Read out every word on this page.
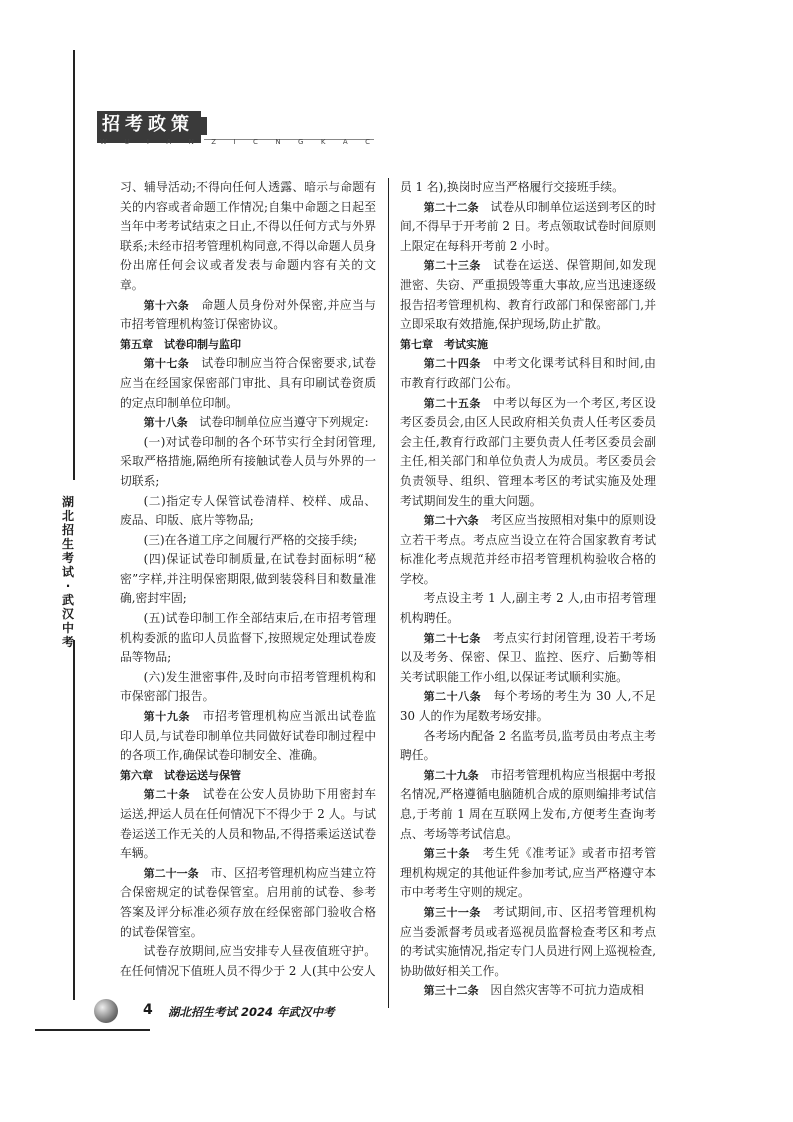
招考政策
W U I A N Z I C N G K A C
湖
北
招
生
考
试
·
武
汉
中
考

习、辅导活动;不得向任何人透露、暗示与命题有关的内容或者命题工作情况;自集中命题之日起至当年中考考试结束之日止,不得以任何方式与外界联系;未经市招考管理机构同意,不得以命题人员身份出席任何会议或者发表与命题内容有关的文章。

第十六条　 命题人员身份对外保密,并应当与市招考管理机构签订保密协议。

第五章　试卷印制与监印

第十七条　 试卷印制应当符合保密要求,试卷应当在经国家保密部门审批、具有印刷试卷资质的定点印制单位印制。

第十八条　 试卷印制单位应当遵守下列规定:

(一)对试卷印制的各个环节实行全封闭管理,采取严格措施,隔绝所有接触试卷人员与外界的一切联系;

(二)指定专人保管试卷清样、校样、成品、废品、印版、底片等物品;

(三)在各道工序之间履行严格的交接手续;

(四)保证试卷印制质量,在试卷封面标明“秘密”字样,并注明保密期限,做到装袋科目和数量准确,密封牢固;

(五)试卷印制工作全部结束后,在市招考管理机构委派的监印人员监督下,按照规定处理试卷废品等物品;

(六)发生泄密事件,及时向市招考管理机构和市保密部门报告。

第十九条　 市招考管理机构应当派出试卷监印人员,与试卷印制单位共同做好试卷印制过程中的各项工作,确保试卷印制安全、准确。

第六章　试卷运送与保管

第二十条　 试卷在公安人员协助下用密封车运送,押运人员在任何情况下不得少于 2 人。与试卷运送工作无关的人员和物品,不得搭乘运送试卷车辆。

第二十一条　 市、区招考管理机构应当建立符合保密规定的试卷保管室。启用前的试卷、参考答案及评分标准必须存放在经保密部门验收合格的试卷保管室。

试卷存放期间,应当安排专人昼夜值班守护。在任何情况下值班人员不得少于 2 人(其中公安人

员 1 名),换岗时应当严格履行交接班手续。

第二十二条　 试卷从印制单位运送到考区的时间,不得早于开考前 2 日。考点领取试卷时间原则上限定在每科开考前 2 小时。

第二十三条　 试卷在运送、保管期间,如发现泄密、失窃、严重损毁等重大事故,应当迅速逐级报告招考管理机构、教育行政部门和保密部门,并立即采取有效措施,保护现场,防止扩散。

第七章　考试实施

第二十四条　 中考文化课考试科目和时间,由市教育行政部门公布。

第二十五条　 中考以每区为一个考区,考区设考区委员会,由区人民政府相关负责人任考区委员会主任,教育行政部门主要负责人任考区委员会副主任,相关部门和单位负责人为成员。考区委员会负责领导、组织、管理本考区的考试实施及处理考试期间发生的重大问题。

第二十六条　 考区应当按照相对集中的原则设立若干考点。考点应当设立在符合国家教育考试标准化考点规范并经市招考管理机构验收合格的学校。

考点设主考 1 人,副主考 2 人,由市招考管理机构聘任。

第二十七条　 考点实行封闭管理,设若干考场以及考务、保密、保卫、监控、医疗、后勤等相关考试职能工作小组,以保证考试顺利实施。

第二十八条　 每个考场的考生为 30 人,不足 30 人的作为尾数考场安排。

各考场内配备 2 名监考员,监考员由考点主考聘任。

第二十九条　 市招考管理机构应当根据中考报名情况,严格遵循电脑随机合成的原则编排考试信息,于考前 1 周在互联网上发布,方便考生查询考点、考场等考试信息。

第三十条　 考生凭《准考证》或者市招考管理机构规定的其他证件参加考试,应当严格遵守本市中考考生守则的规定。

第三十一条　 考试期间,市、区招考管理机构应当委派督考员或者巡视员监督检查考区和考点的考试实施情况,指定专门人员进行网上巡视检查,协助做好相关工作。

第三十二条　 因自然灾害等不可抗力造成相

4 湖北招生考试 2024 年武汉中考
